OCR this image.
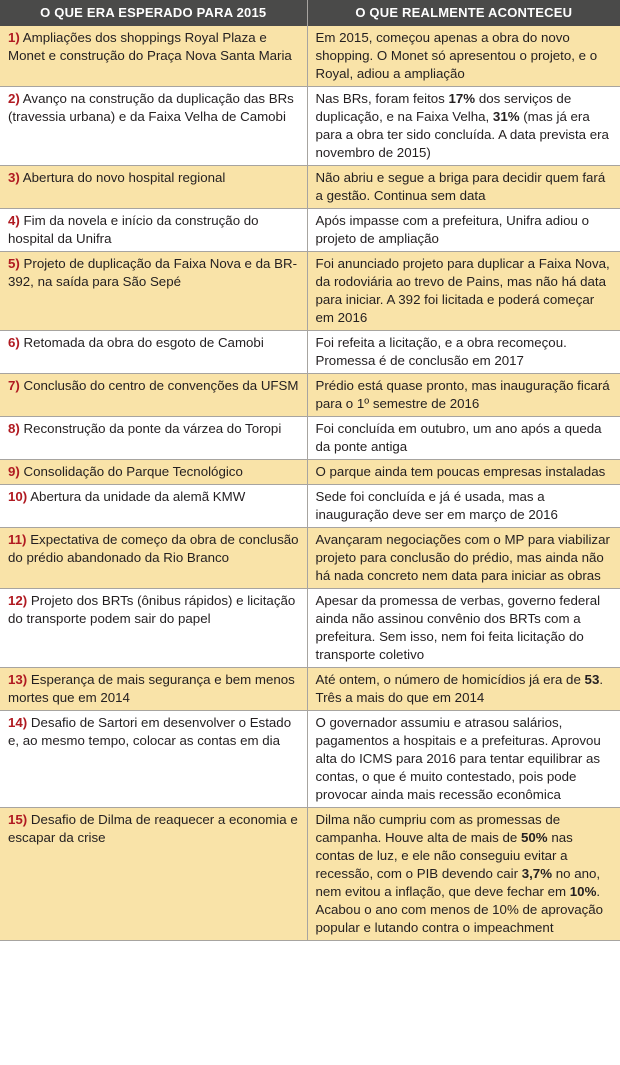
O QUE ERA ESPERADO PARA 2015	O QUE REALMENTE ACONTECEU
1) Ampliações dos shoppings Royal Plaza e Monet e construção do Praça Nova Santa Maria	Em 2015, começou apenas a obra do novo shopping. O Monet só apresentou o projeto, e o Royal, adiou a ampliação
2) Avanço na construção da duplicação das BRs (travessia urbana) e da Faixa Velha de Camobi	Nas BRs, foram feitos 17% dos serviços de duplicação, e na Faixa Velha, 31% (mas já era para a obra ter sido concluída. A data prevista era novembro de 2015)
3) Abertura do novo hospital regional	Não abriu e segue a briga para decidir quem fará a gestão. Continua sem data
4) Fim da novela e início da construção do hospital da Unifra	Após impasse com a prefeitura, Unifra adiou o projeto de ampliação
5) Projeto de duplicação da Faixa Nova e da BR-392, na saída para São Sepé	Foi anunciado projeto para duplicar a Faixa Nova, da rodoviária ao trevo de Pains, mas não há data para iniciar. A 392 foi licitada e poderá começar em 2016
6) Retomada da obra do esgoto de Camobi	Foi refeita a licitação, e a obra recomeçou. Promessa é de conclusão em 2017
7) Conclusão do centro de convenções da UFSM	Prédio está quase pronto, mas inauguração ficará para o 1º semestre de 2016
8) Reconstrução da ponte da várzea do Toropi	Foi concluída em outubro, um ano após a queda da ponte antiga
9) Consolidação do Parque Tecnológico	O parque ainda tem poucas empresas instaladas
10) Abertura da unidade da alemã KMW	Sede foi concluída e já é usada, mas a inauguração deve ser em março de 2016
11) Expectativa de começo da obra de conclusão do prédio abandonado da Rio Branco	Avançaram negociações com o MP para viabilizar projeto para conclusão do prédio, mas ainda não há nada concreto nem data para iniciar as obras
12) Projeto dos BRTs (ônibus rápidos) e licitação do transporte podem sair do papel	Apesar da promessa de verbas, governo federal ainda não assinou convênio dos BRTs com a prefeitura. Sem isso, nem foi feita licitação do transporte coletivo
13) Esperança de mais segurança e bem menos mortes que em 2014	Até ontem, o número de homicídios já era de 53. Três a mais do que em 2014
14) Desafio de Sartori em desenvolver o Estado e, ao mesmo tempo, colocar as contas em dia	O governador assumiu e atrasou salários, pagamentos a hospitais e a prefeituras. Aprovou alta do ICMS para 2016 para tentar equilibrar as contas, o que é muito contestado, pois pode provocar ainda mais recessão econômica
15) Desafio de Dilma de reaquecer a economia e escapar da crise	Dilma não cumpriu com as promessas de campanha. Houve alta de mais de 50% nas contas de luz, e ele não conseguiu evitar a recessão, com o PIB devendo cair 3,7% no ano, nem evitou a inflação, que deve fechar em 10%. Acabou o ano com menos de 10% de aprovação popular e lutando contra o impeachment
